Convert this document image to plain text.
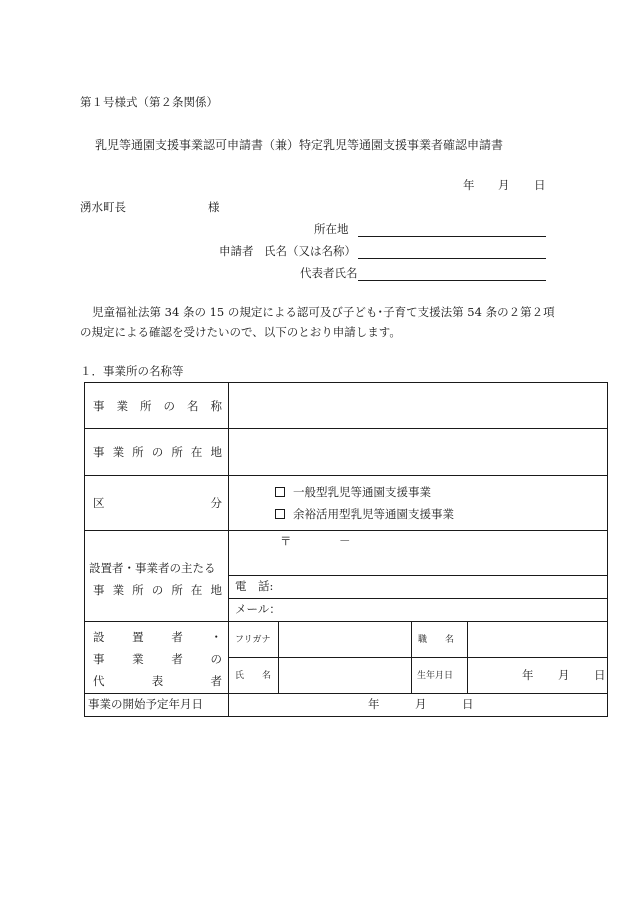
第１号様式（第２条関係）
乳児等通園支援事業認可申請書（兼）特定乳児等通園支援事業者確認申請書
年 月 日
湧水町長	様
所在地
申請者 氏名（又は名称）
代表者氏名
児童福祉法第 34 条の 15 の規定による認可及び子ども･子育て支援法第 54 条の２第２項
の規定による確認を受けたいので、以下のとおり申請します。
１．事業所の名称等
事 業 所 の 名 称
事 業 所 の 所 在 地
区	分
一般型乳児等通園支援事業
余裕活用型乳児等通園支援事業
設置者・事業者の主たる
事 業 所 の 所 在 地
〒	－
電　話:
メール：
設 置 者 ・
事 業 者 の
代	表	者
フリガナ	職　　名
氏　　名	生年月日	年 月 日
事業の開始予定年月日	年	月	日
